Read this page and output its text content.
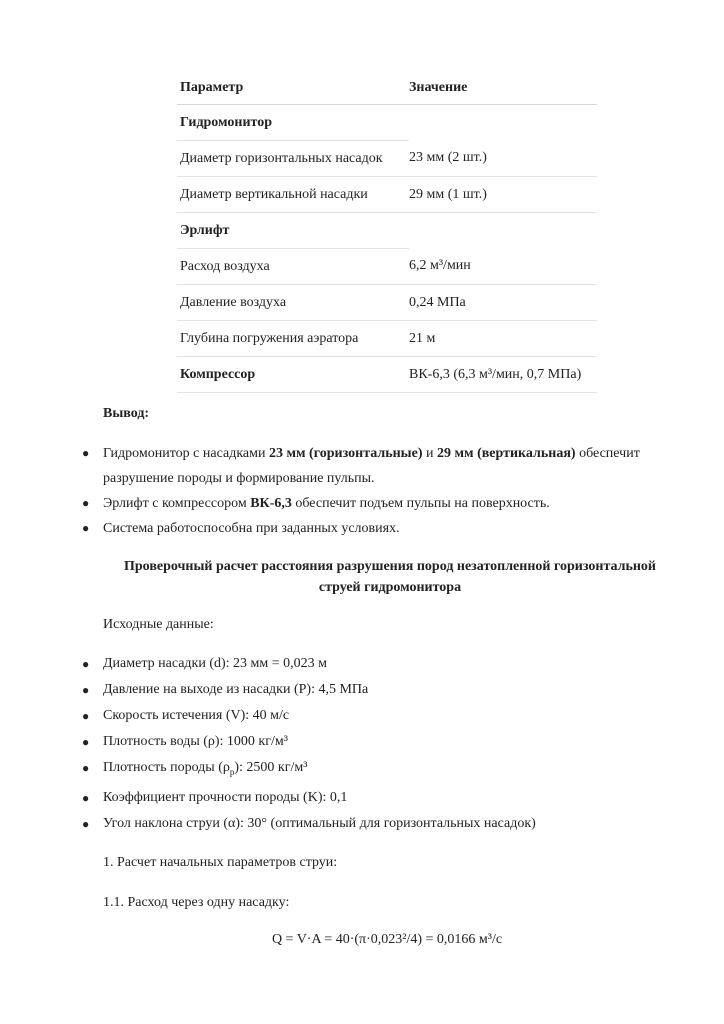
Параметр	Значение
Гидромонитор	
Диаметр горизонтальных насадок	23 мм (2 шт.)
Диаметр вертикальной насадки	29 мм (1 шт.)
Эрлифт	
Расход воздуха	6,2 м³/мин
Давление воздуха	0,24 МПа
Глубина погружения аэратора	21 м
Компрессор	ВК-6,3 (6,3 м³/мин, 0,7 МПа)
Вывод:
● Гидромонитор с насадками 23 мм (горизонтальные) и 29 мм (вертикальная) обеспечит
разрушение породы и формирование пульпы.
● Эрлифт с компрессором ВК-6,3 обеспечит подъем пульпы на поверхность.
● Система работоспособна при заданных условиях.
Проверочный расчет расстояния разрушения пород незатопленной горизонтальной
струей гидромонитора
Исходные данные:
● Диаметр насадки (d): 23 мм = 0,023 м
● Давление на выходе из насадки (P): 4,5 МПа
● Скорость истечения (V): 40 м/с
● Плотность воды (ρ): 1000 кг/м³
● Плотность породы $(\rho_р)$: 2500 кг/м³
● Коэффициент прочности породы (K): 0,1
● Угол наклона струи (α): 30° (оптимальный для горизонтальных насадок)
1. Расчет начальных параметров струи:
1.1. Расход через одну насадку:
Q = V·A = 40·(π·0,023²/4) = 0,0166 м³/с
